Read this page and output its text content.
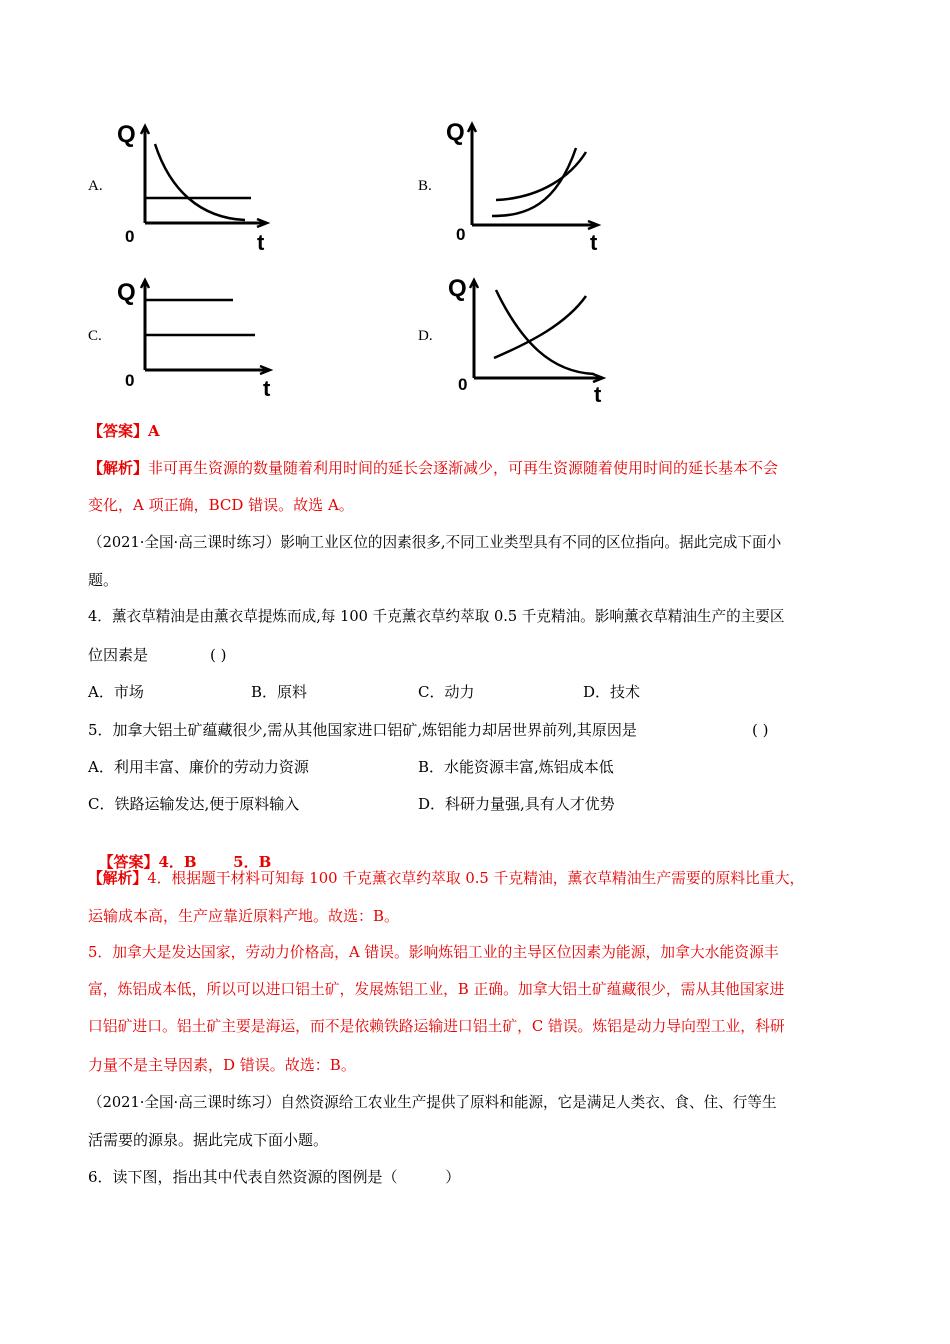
A.	B.
C.	D.
Q
0	t
Q
0	t
Q
0	t
Q
0	t
【答案】A
【解析】非可再生资源的数量随着利用时间的延长会逐渐减少，可再生资源随着使用时间的延长基本不会
变化，A 项正确，BCD 错误。故选 A。
（2021·全国·高三课时练习）影响工业区位的因素很多,不同工业类型具有不同的区位指向。据此完成下面小
题。
4．薰衣草精油是由薰衣草提炼而成,每 100 千克薰衣草约萃取 0.5 千克精油。影响薰衣草精油生产的主要区
位因素是	( )
A．市场	B．原料	C．动力	D．技术
5．加拿大铝土矿蕴藏很少,需从其他国家进口铝矿,炼铝能力却居世界前列,其原因是	( )
A．利用丰富、廉价的劳动力资源	B．水能资源丰富,炼铝成本低
C．铁路运输发达,便于原料输入	D．科研力量强,具有人才优势

【答案】4．B       5．B

【解析】4．根据题干材料可知每 100 千克薰衣草约萃取 0.5 千克精油，薰衣草精油生产需要的原料比重大，
运输成本高，生产应靠近原料产地。故选：B。
5．加拿大是发达国家，劳动力价格高，A 错误。影响炼铝工业的主导区位因素为能源，加拿大水能资源丰
富，炼铝成本低，所以可以进口铝土矿，发展炼铝工业，B 正确。加拿大铝土矿蕴藏很少，需从其他国家进
口铝矿进口。铝土矿主要是海运，而不是依赖铁路运输进口铝土矿，C 错误。炼铝是动力导向型工业，科研
力量不是主导因素，D 错误。故选：B。
（2021·全国·高三课时练习）自然资源给工农业生产提供了原料和能源，它是满足人类衣、食、住、行等生
活需要的源泉。据此完成下面小题。
6．读下图，指出其中代表自然资源的图例是（          ）
